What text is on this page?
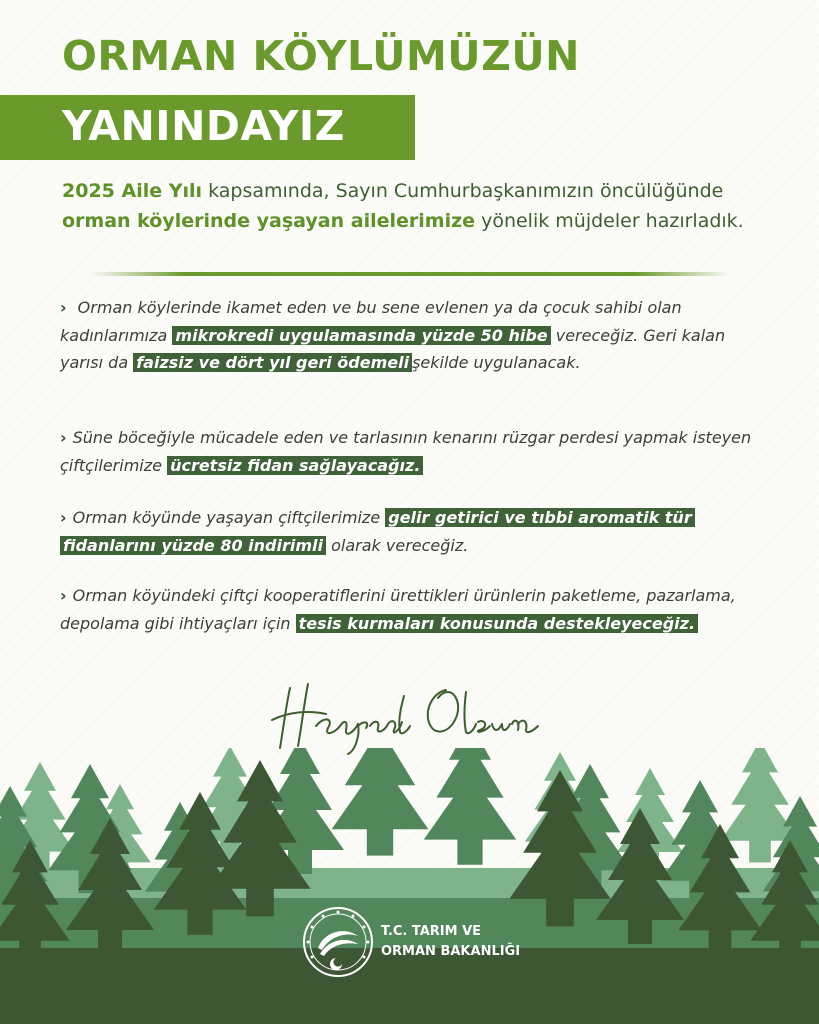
ORMAN KÖYLÜMÜZÜN
YANINDAYIZ
2025 Aile Yılı kapsamında, Sayın Cumhurbaşkanımızın öncülüğünde orman köylerinde yaşayan ailelerimize yönelik müjdeler hazırladık.
› Orman köylerinde ikamet eden ve bu sene evlenen ya da çocuk sahibi olan kadınlarımıza mikrokredi uygulamasında yüzde 50 hibe vereceğiz. Geri kalan yarısı da faizsiz ve dört yıl geri ödemeli şekilde uygulanacak.
› Süne böceğiyle mücadele eden ve tarlasının kenarını rüzgar perdesi yapmak isteyen çiftçilerimize ücretsiz fidan sağlayacağız.
› Orman köyünde yaşayan çiftçilerimize gelir getirici ve tıbbi aromatik tür fidanlarını yüzde 80 indirimli olarak vereceğiz.
› Orman köyündeki çiftçi kooperatiflerini ürettikleri ürünlerin paketleme, pazarlama, depolama gibi ihtiyaçları için tesis kurmaları konusunda destekleyeceğiz.
T.C. TARIM VE
ORMAN BAKANLIĞI
